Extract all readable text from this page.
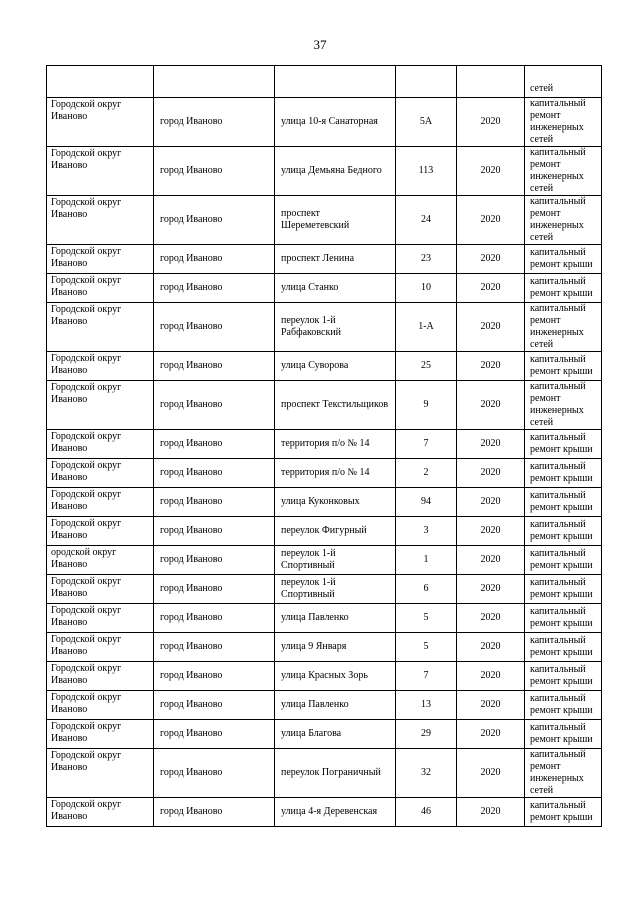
37
					сетей
Городской округ Иваново	город Иваново	улица 10-я Санаторная	5А	2020	капитальный ремонт инженерных сетей
Городской округ Иваново	город Иваново	улица Демьяна Бедного	113	2020	капитальный ремонт инженерных сетей
Городской округ Иваново	город Иваново	проспект Шереметевский	24	2020	капитальный ремонт инженерных сетей
Городской округ Иваново	город Иваново	проспект Ленина	23	2020	капитальный ремонт крыши
Городской округ Иваново	город Иваново	улица Станко	10	2020	капитальный ремонт крыши
Городской округ Иваново	город Иваново	переулок 1-й Рабфаковский	1-А	2020	капитальный ремонт инженерных сетей
Городской округ Иваново	город Иваново	улица Суворова	25	2020	капитальный ремонт крыши
Городской округ Иваново	город Иваново	проспект Текстильщиков	9	2020	капитальный ремонт инженерных сетей
Городской округ Иваново	город Иваново	территория п/о № 14	7	2020	капитальный ремонт крыши
Городской округ Иваново	город Иваново	территория п/о № 14	2	2020	капитальный ремонт крыши
Городской округ Иваново	город Иваново	улица Куконковых	94	2020	капитальный ремонт крыши
Городской округ Иваново	город Иваново	переулок Фигурный	3	2020	капитальный ремонт крыши
ородской округ Иваново	город Иваново	переулок 1-й Спортивный	1	2020	капитальный ремонт крыши
Городской округ Иваново	город Иваново	переулок 1-й Спортивный	6	2020	капитальный ремонт крыши
Городской округ Иваново	город Иваново	улица Павленко	5	2020	капитальный ремонт крыши
Городской округ Иваново	город Иваново	улица 9 Января	5	2020	капитальный ремонт крыши
Городской округ Иваново	город Иваново	улица Красных Зорь	7	2020	капитальный ремонт крыши
Городской округ Иваново	город Иваново	улица Павленко	13	2020	капитальный ремонт крыши
Городской округ Иваново	город Иваново	улица Благова	29	2020	капитальный ремонт крыши
Городской округ Иваново	город Иваново	переулок Пограничный	32	2020	капитальный ремонт инженерных сетей
Городской округ Иваново	город Иваново	улица 4-я Деревенская	46	2020	капитальный ремонт крыши
